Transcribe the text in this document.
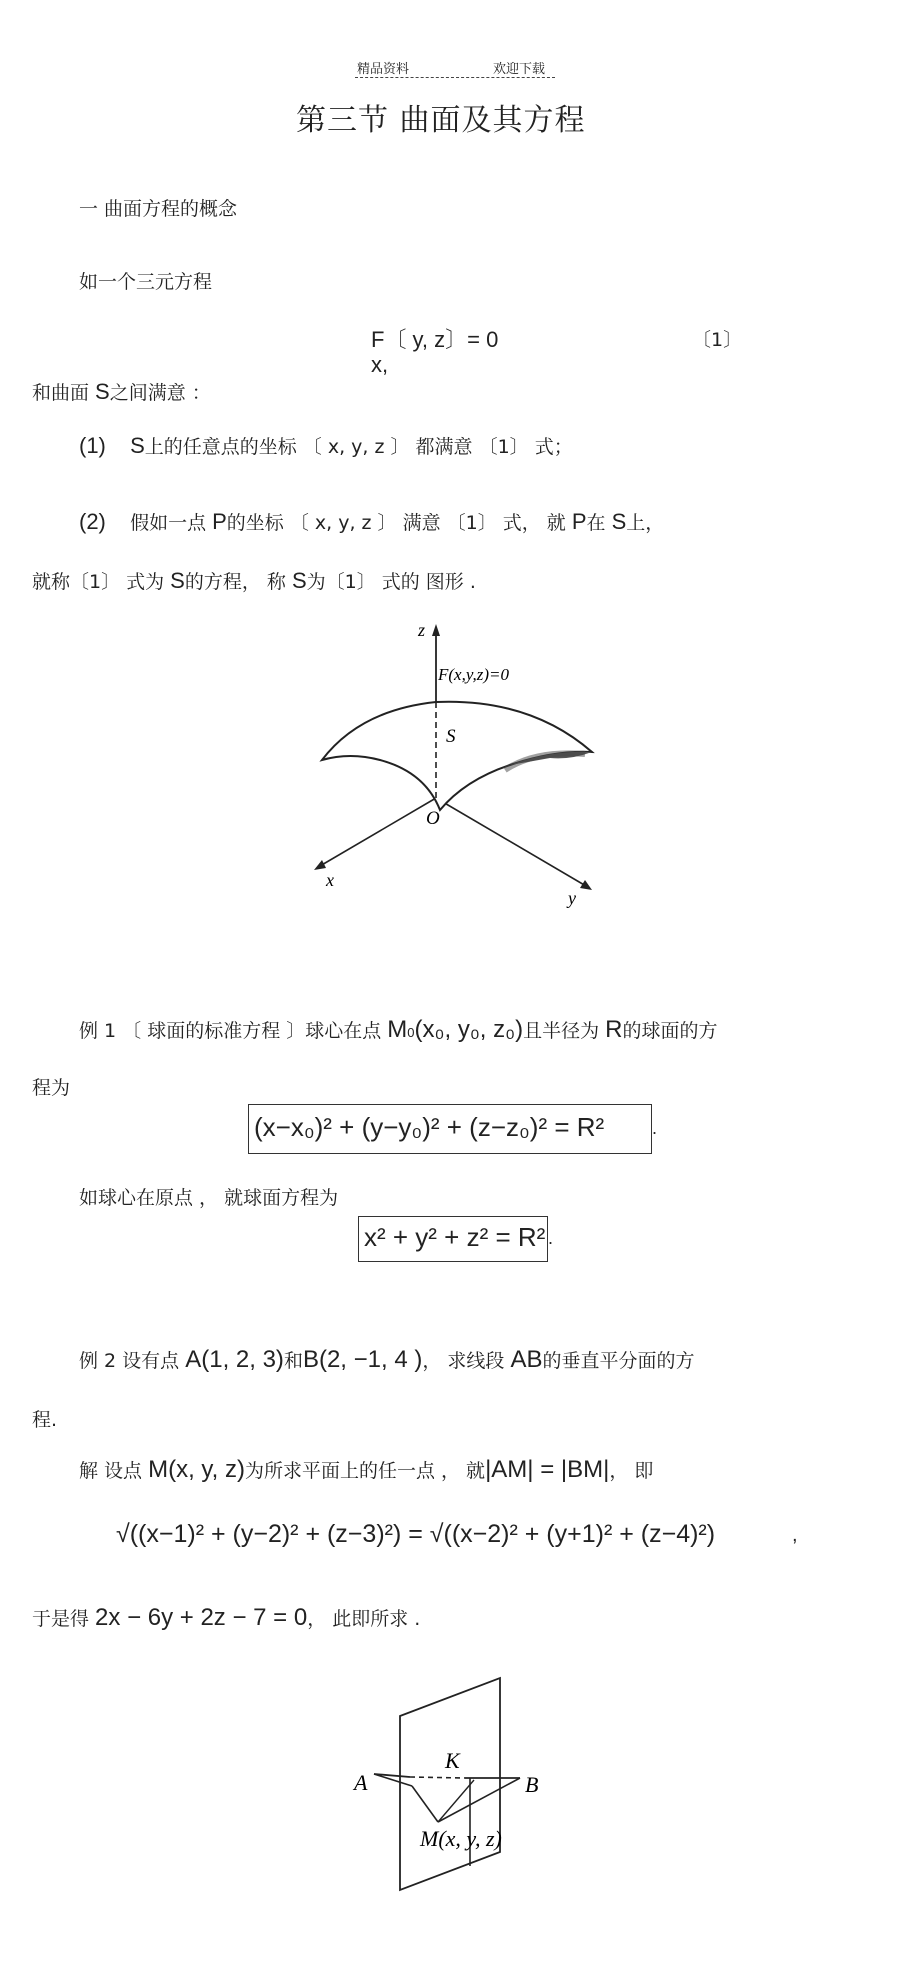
精品资料	欢迎下载
第三节 曲面及其方程
一 曲面方程的概念
如一个三元方程
F〔 y, z〕= 0
x,
〔1〕
和曲面 S之间满意 ：
(1) S上的任意点的坐标 〔 x, y, z 〕 都满意 〔1〕 式；
(2) 假如一点 P的坐标 〔 x, y, z 〕 满意 〔1〕 式， 就 P在 S上，
就称〔1〕 式为 S的方程， 称 S为〔1〕 式的 图形 .
z
F(x,y,z)=0
S
O
x
y
例 1 〔 球面的标准方程 〕球心在点 M0(x₀, y₀, z₀)且半径为 R的球面的方
程为
(x−x₀)² + (y−y₀)² + (z−z₀)² = R²	.
如球心在原点 ， 就球面方程为
x² + y² + z² = R² .
例 2 设有点 A(1, 2, 3)和B(2, −1, 4 )， 求线段 AB的垂直平分面的方
程.
解 设点 M(x, y, z)为所求平面上的任一点 ， 就|AM| = |BM|， 即
√((x−1)² + (y−2)² + (z−3)²) = √((x−2)² + (y+1)² + (z−4)²)	,
于是得 2x − 6y + 2z − 7 = 0， 此即所求 .
A	B
K
M(x, y, z)
